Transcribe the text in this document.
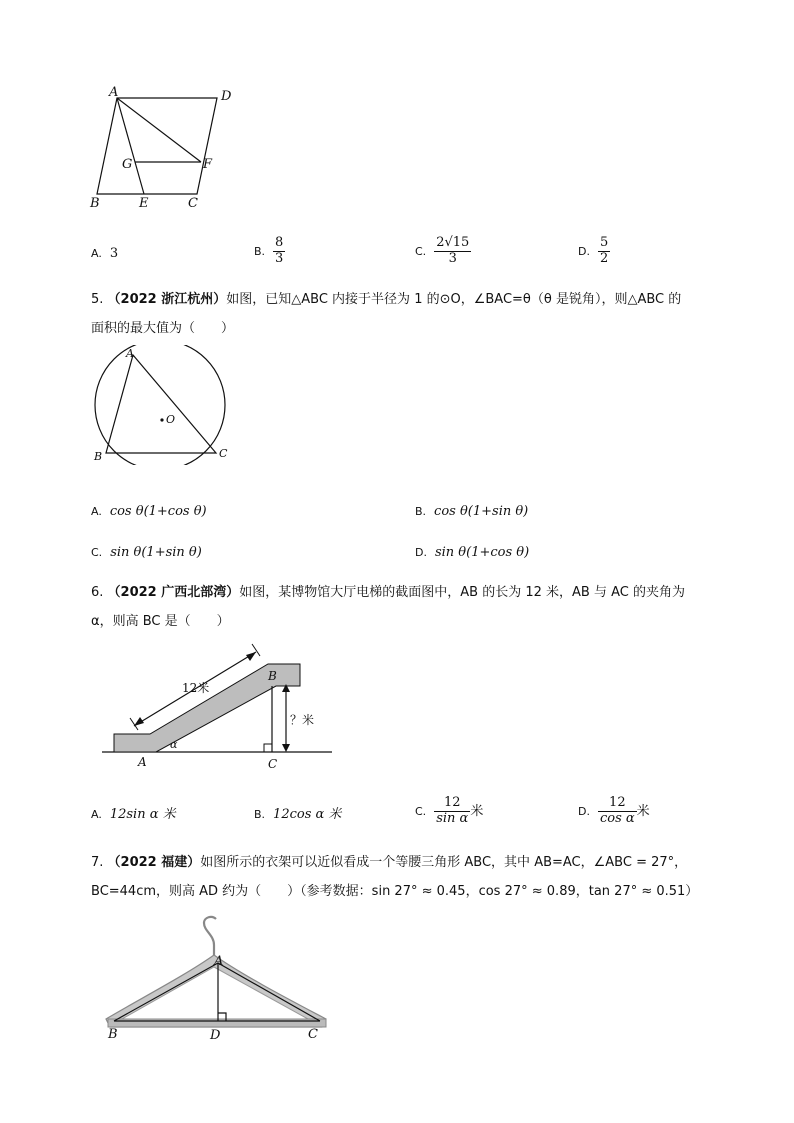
A	D
G	F
B	E	C
A. 3	B. $\frac{8}{3}$	C. $\frac{2√15}{3}$	D. $\frac{5}{2}$
5. （2022 浙江杭州）如图，已知△ABC 内接于半径为 1 的⊙O，∠BAC=θ（θ 是锐角），则△ABC 的
面积的最大值为（　　）
A
B	C
O
A. cos θ(1+cos θ)	B. cos θ(1+sin θ)
C. sin θ(1+sin θ)	D. sin θ(1+cos θ)
6. （2022 广西北部湾）如图，某博物馆大厅电梯的截面图中，AB 的长为 12 米，AB 与 AC 的夹角为
α，则高 BC 是（　　）
12米
？米
α
A
B
C
A. 12sin α 米	B. 12cos α 米	C. $\frac{12}{\text{sin α}}$ 米	D. $\frac{12}{\text{cos α}}$ 米
7. （2022 福建）如图所示的衣架可以近似看成一个等腰三角形 ABC，其中 AB=AC，∠ABC = 27°，
BC=44cm，则高 AD 约为（　　）（参考数据：sin 27° ≈ 0.45，cos 27° ≈ 0.89，tan 27° ≈ 0.51）
A
B	D	C
